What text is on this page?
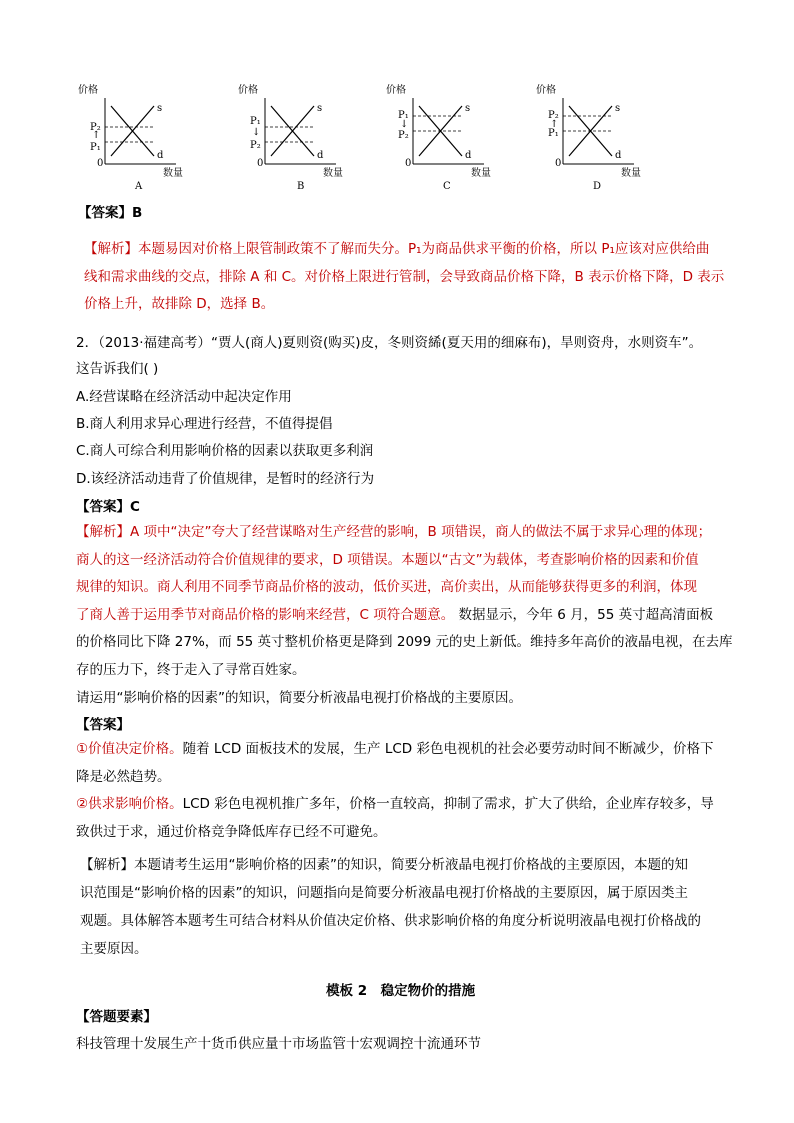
价格
P₂
↑
P₁
0
s
d
数量
A
价格
P₁
↓
P₂
0
s
d
数量
B
价格
P₁
↓
P₂
0
s
d
数量
C
价格
P₂
↑
P₁
0
s
d
数量
D
【答案】B
【解析】本题易因对价格上限管制政策不了解而失分。P₁为商品供求平衡的价格，所以 P₁应该对应供给曲
线和需求曲线的交点，排除 A 和 C。对价格上限进行管制，会导致商品价格下降，B 表示价格下降，D 表示
价格上升，故排除 D，选择 B。
2．（2013·福建高考）“贾人(商人)夏则资(购买)皮，冬则资絺(夏天用的细麻布)，旱则资舟，水则资车”。
这告诉我们( )
A.经营谋略在经济活动中起决定作用
B.商人利用求异心理进行经营，不值得提倡
C.商人可综合利用影响价格的因素以获取更多利润
D.该经济活动违背了价值规律，是暂时的经济行为
【答案】C
【解析】A 项中“决定”夸大了经营谋略对生产经营的影响，B 项错误，商人的做法不属于求异心理的体现；
商人的这一经济活动符合价值规律的要求，D 项错误。本题以“古文”为载体，考查影响价格的因素和价值
规律的知识。商人利用不同季节商品价格的波动，低价买进，高价卖出，从而能够获得更多的利润，体现
了商人善于运用季节对商品价格的影响来经营，C 项符合题意。 数据显示，今年 6 月，55 英寸超高清面板
的价格同比下降 27%，而 55 英寸整机价格更是降到 2099 元的史上新低。维持多年高价的液晶电视，在去库
存的压力下，终于走入了寻常百姓家。
请运用“影响价格的因素”的知识，简要分析液晶电视打价格战的主要原因。
【答案】
①价值决定价格。随着 LCD 面板技术的发展，生产 LCD 彩色电视机的社会必要劳动时间不断减少，价格下
降是必然趋势。
②供求影响价格。LCD 彩色电视机推广多年，价格一直较高，抑制了需求，扩大了供给，企业库存较多，导
致供过于求，通过价格竞争降低库存已经不可避免。
【解析】本题请考生运用“影响价格的因素”的知识，简要分析液晶电视打价格战的主要原因，本题的知
识范围是“影响价格的因素”的知识，问题指向是简要分析液晶电视打价格战的主要原因，属于原因类主
观题。具体解答本题考生可结合材料从价值决定价格、供求影响价格的角度分析说明液晶电视打价格战的
主要原因。
模板 2　稳定物价的措施
【答题要素】
科技管理十发展生产十货币供应量十市场监管十宏观调控十流通环节
